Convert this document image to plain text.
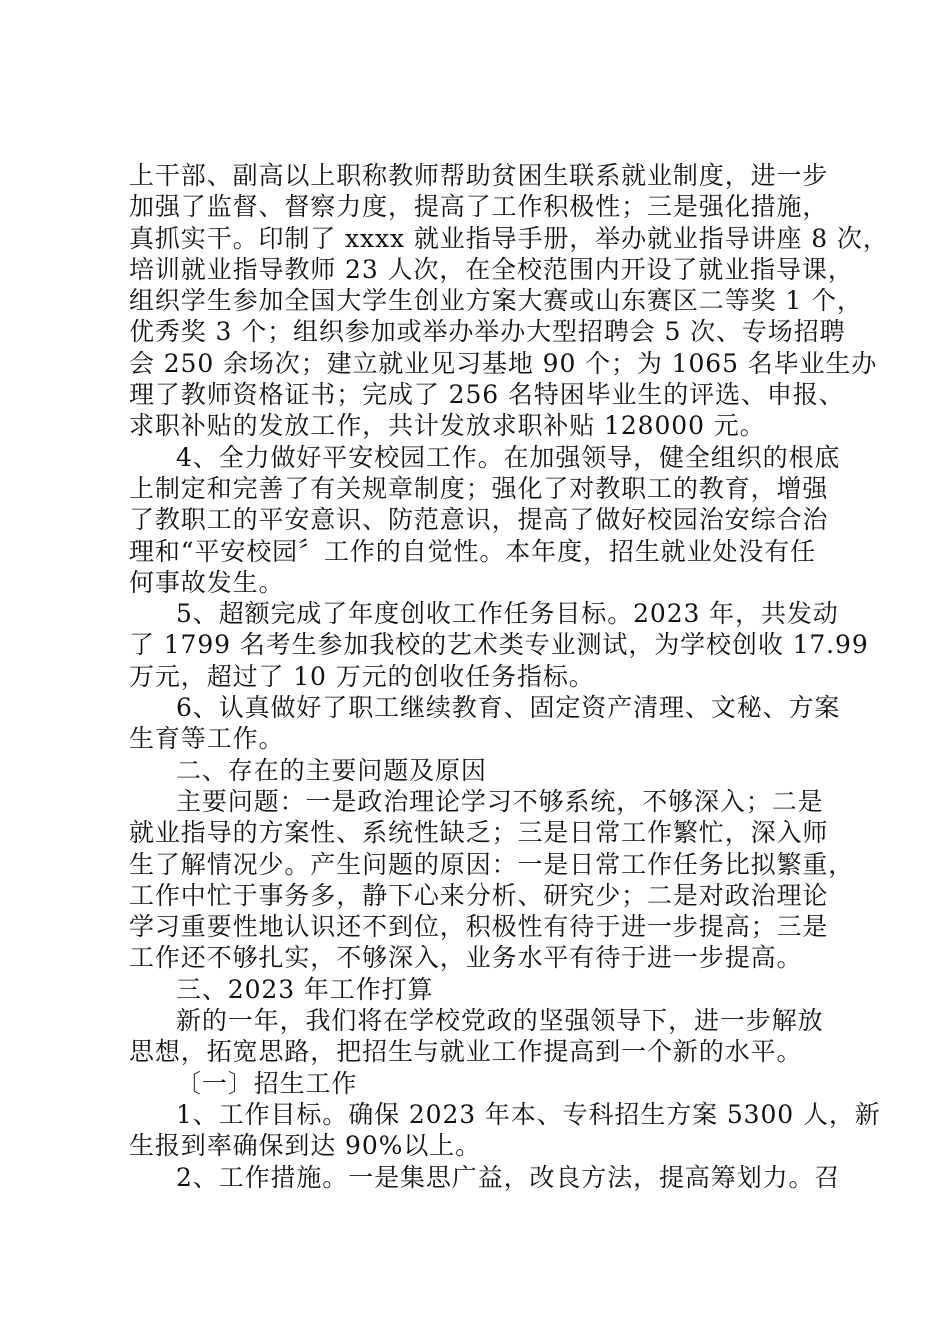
上干部、副高以上职称教师帮助贫困生联系就业制度，进一步

加强了监督、督察力度，提高了工作积极性；三是强化措施，

真抓实干。印制了 xxxx 就业指导手册，举办就业指导讲座 8 次，

培训就业指导教师 23 人次，在全校范围内开设了就业指导课，

组织学生参加全国大学生创业方案大赛或山东赛区二等奖 1 个，

优秀奖 3 个；组织参加或举办举办大型招聘会 5 次、专场招聘

会 250 余场次；建立就业见习基地 90 个；为 1065 名毕业生办

理了教师资格证书；完成了 256 名特困毕业生的评选、申报、

求职补贴的发放工作，共计发放求职补贴 128000 元。

4、全力做好平安校园工作。在加强领导，健全组织的根底

上制定和完善了有关规章制度；强化了对教职工的教育，增强

了教职工的平安意识、防范意识，提高了做好校园治安综合治

理和“平安校园〞工作的自觉性。本年度，招生就业处没有任

何事故发生。

5、超额完成了年度创收工作任务目标。2023 年，共发动

了 1799 名考生参加我校的艺术类专业测试，为学校创收 17.99

万元，超过了 10 万元的创收任务指标。

6、认真做好了职工继续教育、固定资产清理、文秘、方案

生育等工作。

二、存在的主要问题及原因

主要问题：一是政治理论学习不够系统，不够深入；二是

就业指导的方案性、系统性缺乏；三是日常工作繁忙，深入师

生了解情况少。产生问题的原因：一是日常工作任务比拟繁重，

工作中忙于事务多，静下心来分析、研究少；二是对政治理论

学习重要性地认识还不到位，积极性有待于进一步提高；三是

工作还不够扎实，不够深入，业务水平有待于进一步提高。

三、2023 年工作打算

新的一年，我们将在学校党政的坚强领导下，进一步解放

思想，拓宽思路，把招生与就业工作提高到一个新的水平。

〔一〕招生工作

1、工作目标。确保 2023 年本、专科招生方案 5300 人，新

生报到率确保到达 90%以上。

2、工作措施。一是集思广益，改良方法，提高筹划力。召
